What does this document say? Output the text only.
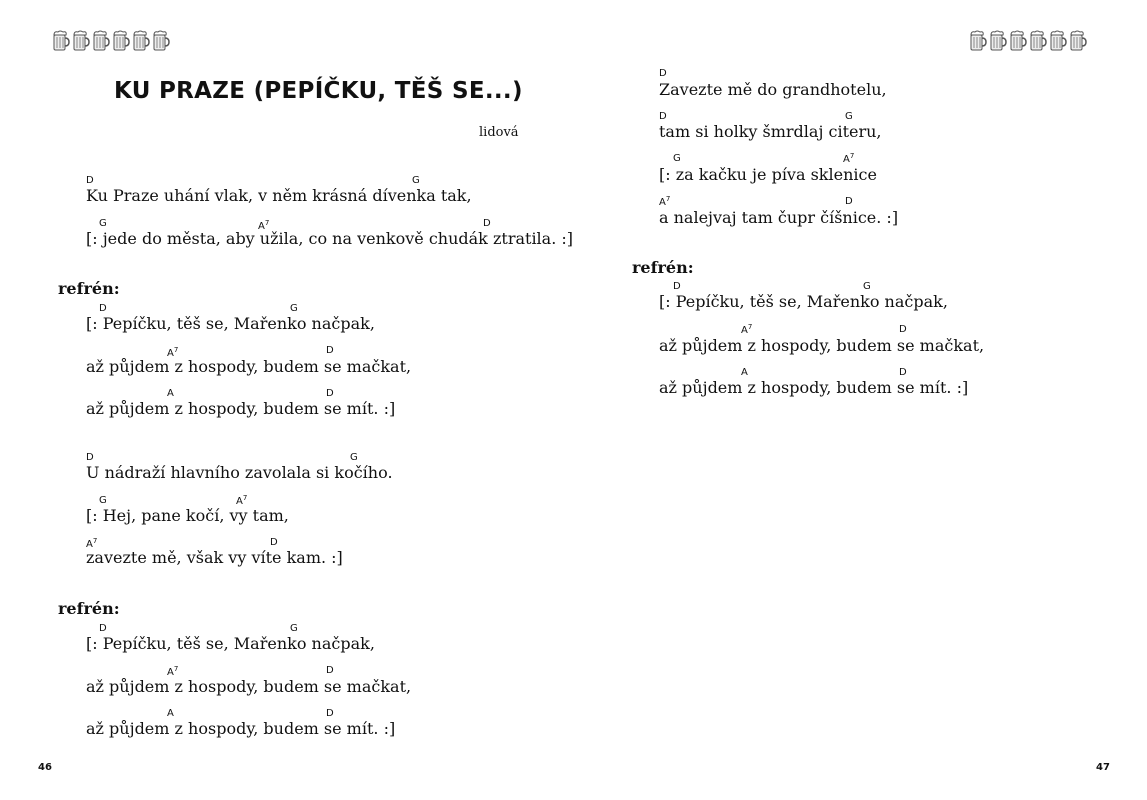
KU PRAZE (PEPÍČKU, TĚŠ SE...)
lidová
refrén:
refrén:
refrén:
Ku Praze uhání vlak, v něm krásná dívenka tak,
[: jede do města, aby užila, co na venkově chudák ztratila. :]
[: Pepíčku, těš se, Mařenko načpak,
až půjdem z hospody, budem se mačkat,
až půjdem z hospody, budem se mít. :]
U nádraží hlavního zavolala si kočího.
[: Hej, pane kočí, vy tam,
zavezte mě, však vy víte kam. :]
[: Pepíčku, těš se, Mařenko načpak,
až půjdem z hospody, budem se mačkat,
až půjdem z hospody, budem se mít. :]
Zavezte mě do grandhotelu,
tam si holky šmrdlaj citeru,
[: za kačku je píva sklenice
a nalejvaj tam čupr číšnice. :]
[: Pepíčku, těš se, Mařenko načpak,
až půjdem z hospody, budem se mačkat,
až půjdem z hospody, budem se mít. :]
D	G
G	$A^7$	D
D	G
$A^7$	D
A	D
D	G
G	$A^7$
$A^7$	D
D	G
$A^7$	D
A	D
D
D	G
G	$A^7$
$A^7$	D
D	G
$A^7$	D
A	D
46	47
